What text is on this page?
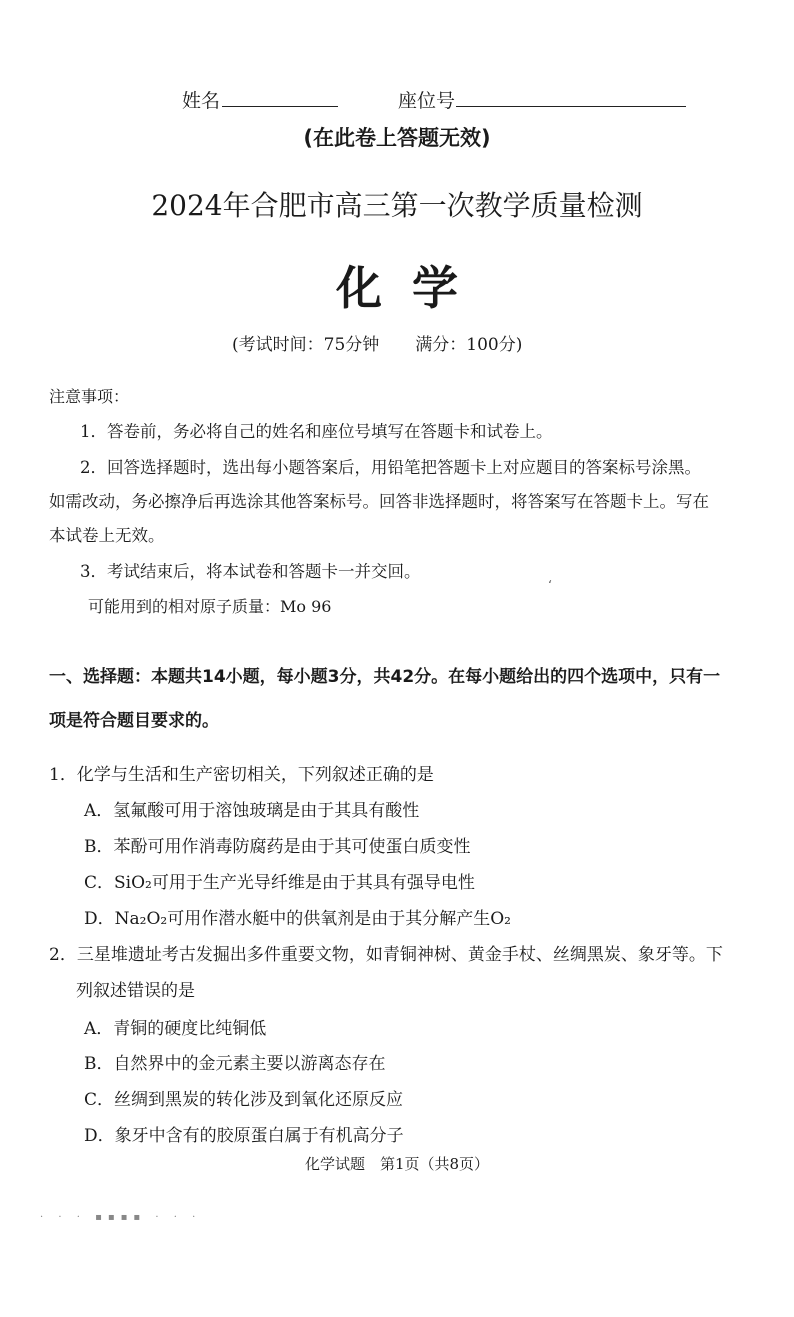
姓名	座位号
(在此卷上答题无效)
2024年合肥市高三第一次教学质量检测
化学
(考试时间：75分钟 满分：100分)
注意事项：
1．答卷前，务必将自己的姓名和座位号填写在答题卡和试卷上。
2．回答选择题时，选出每小题答案后，用铅笔把答题卡上对应题目的答案标号涂黑。
如需改动，务必擦净后再选涂其他答案标号。回答非选择题时，将答案写在答题卡上。写在
本试卷上无效。
3．考试结束后，将本试卷和答题卡一并交回。
ʻ
可能用到的相对原子质量：Mo 96
一、选择题：本题共14小题，每小题3分，共42分。在每小题给出的四个选项中，只有一
项是符合题目要求的。
1．化学与生活和生产密切相关，下列叙述正确的是
A．氢氟酸可用于溶蚀玻璃是由于其具有酸性
B．苯酚可用作消毒防腐药是由于其可使蛋白质变性
C．SiO₂可用于生产光导纤维是由于其具有强导电性
D．Na₂O₂可用作潜水艇中的供氧剂是由于其分解产生O₂
2．三星堆遗址考古发掘出多件重要文物，如青铜神树、黄金手杖、丝绸黑炭、象牙等。下
列叙述错误的是
A．青铜的硬度比纯铜低
B．自然界中的金元素主要以游离态存在
C．丝绸到黑炭的转化涉及到氧化还原反应
D．象牙中含有的胶原蛋白属于有机高分子
化学试题　第1页（共8页）
· · · ▪▪▪▪ · · ·
